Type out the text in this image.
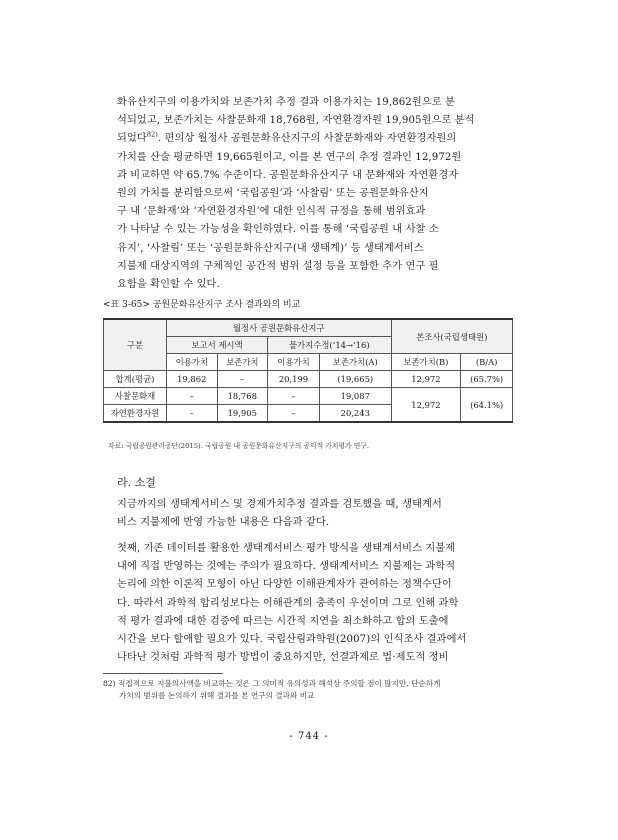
화유산지구의 이용가치와 보존가치 추정 결과 이용가치는 19,862원으로 분
석되었고, 보존가치는 사찰문화재 18,768원, 자연환경자원 19,905원으로 분석
되었다$^{82)}$. 편의상 월정사 공원문화유산지구의 사찰문화재와 자연환경자원의
가치를 산술 평균하면 19,665원이고, 이를 본 연구의 추정 결과인 12,972원
과 비교하면 약 65.7% 수준이다. 공원문화유산지구 내 문화재와 자연환경자
원의 가치를 분리함으로써 ‘국립공원’과 ‘사찰림’ 또는 공원문화유산지
구 내 ‘문화재’와 ‘자연환경자원’에 대한 인식적 규정을 통해 범위효과
가 나타날 수 있는 가능성을 확인하였다. 이를 통해 ‘국립공원 내 사찰 소
유지’, ‘사찰림’ 또는 ‘공원문화유산지구(내 생태계)’ 등 생태계서비스
지불제 대상지역의 구체적인 공간적 범위 설정 등을 포함한 추가 연구 필
요함을 확인할 수 있다.
<표 3-65> 공원문화유산지구 조사 결과와의 비교
구분	월정사 공원문화유산지구				본조사(국립생태원)	
	보고서 제시액		물가지수정(‘14→’16)			
	이용가치	보존가치	이용가치	보존가치(A)	보존가치(B)	(B/A)
합계(평균)	19,862	–	20,199	(19,665)	12,972	(65.7%)
사찰문화재	–	18,768	–	19,087	12,972	(64.1%)
자연환경자원	–	19,905	–	20,243		
자료: 국립공원관리공단(2015). 국립공원 내 공원문화유산지구의 공익적 가치평가 연구.
라. 소결
지금까지의 생태계서비스 및 경제가치추정 결과를 검토했을 때, 생태계서
비스 지불제에 반영 가능한 내용은 다음과 같다.
첫째, 기존 데이터를 활용한 생태계서비스 평가 방식을 생태계서비스 지불제
내에 직접 반영하는 것에는 주의가 필요하다. 생태계서비스 지불제는 과학적
논리에 의한 이론적 모형이 아닌 다양한 이해관계자가 관여하는 정책수단이
다. 따라서 과학적 합리성보다는 이해관계의 충족이 우선이며 그로 인해 과학
적 평가 결과에 대한 검증에 따르는 시간적 지연을 최소화하고 합의 도출에
시간을 보다 할애할 필요가 있다. 국립산림과학원(2007)의 인식조사 결과에서
나타난 것처럼 과학적 평가 방법이 중요하지만, 선결과제로 법·제도적 정비
82) 직접적으로 지불의사액을 비교하는 것은 그 의미적 유의성과 해석상 주의할 점이 많지만, 단순하게
가치의 범위를 논의하기 위해 결과를 본 연구의 결과와 비교
- 744 -
